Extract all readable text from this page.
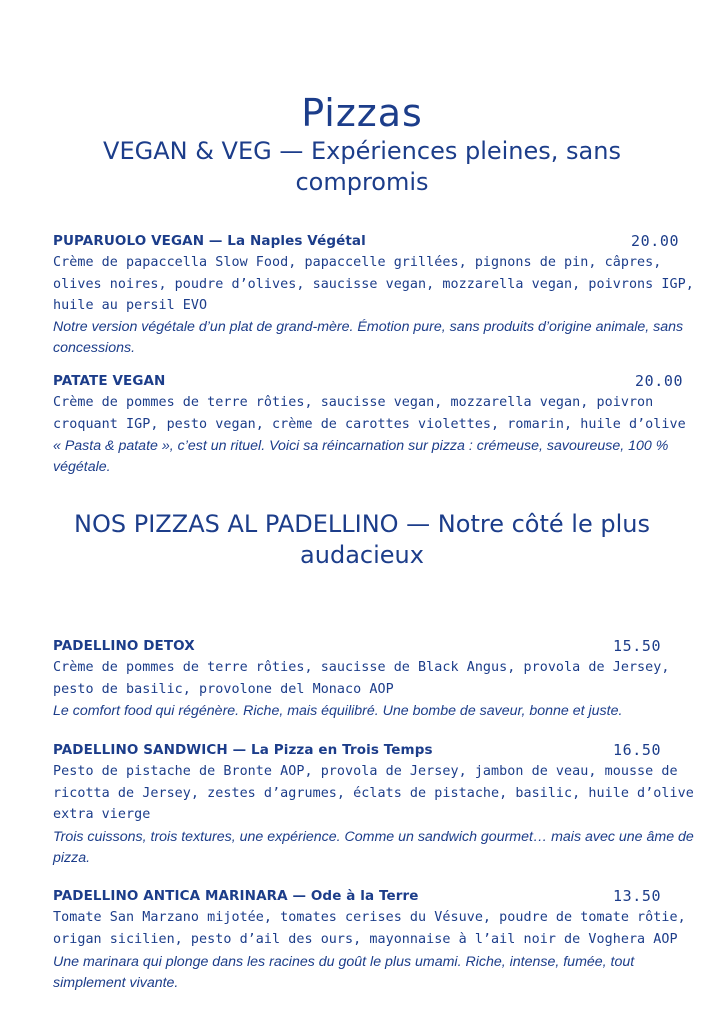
Pizzas
VEGAN & VEG — Expériences pleines, sans compromis
PUPARUOLO VEGAN — La Naples Végétal	20.00
Crème de papaccella Slow Food, papaccelle grillées, pignons de pin, câpres, olives noires, poudre d’olives, saucisse vegan, mozzarella vegan, poivrons IGP, huile au persil EVO
Notre version végétale d’un plat de grand-mère. Émotion pure, sans produits d’origine animale, sans concessions.
PATATE VEGAN	20.00
Crème de pommes de terre rôties, saucisse vegan, mozzarella vegan, poivron croquant IGP, pesto vegan, crème de carottes violettes, romarin, huile d’olive
« Pasta & patate », c’est un rituel. Voici sa réincarnation sur pizza : crémeuse, savoureuse, 100 % végétale.
NOS PIZZAS AL PADELLINO — Notre côté le plus audacieux
PADELLINO DETOX	15.50
Crème de pommes de terre rôties, saucisse de Black Angus, provola de Jersey, pesto de basilic, provolone del Monaco AOP
Le comfort food qui régénère. Riche, mais équilibré. Une bombe de saveur, bonne et juste.
PADELLINO SANDWICH — La Pizza en Trois Temps	16.50
Pesto de pistache de Bronte AOP, provola de Jersey, jambon de veau, mousse de ricotta de Jersey, zestes d’agrumes, éclats de pistache, basilic, huile d’olive extra vierge
Trois cuissons, trois textures, une expérience. Comme un sandwich gourmet… mais avec une âme de pizza.
PADELLINO ANTICA MARINARA — Ode à la Terre	13.50
Tomate San Marzano mijotée, tomates cerises du Vésuve, poudre de tomate rôtie, origan sicilien, pesto d’ail des ours, mayonnaise à l’ail noir de Voghera AOP
Une marinara qui plonge dans les racines du goût le plus umami. Riche, intense, fumée, tout simplement vivante.
